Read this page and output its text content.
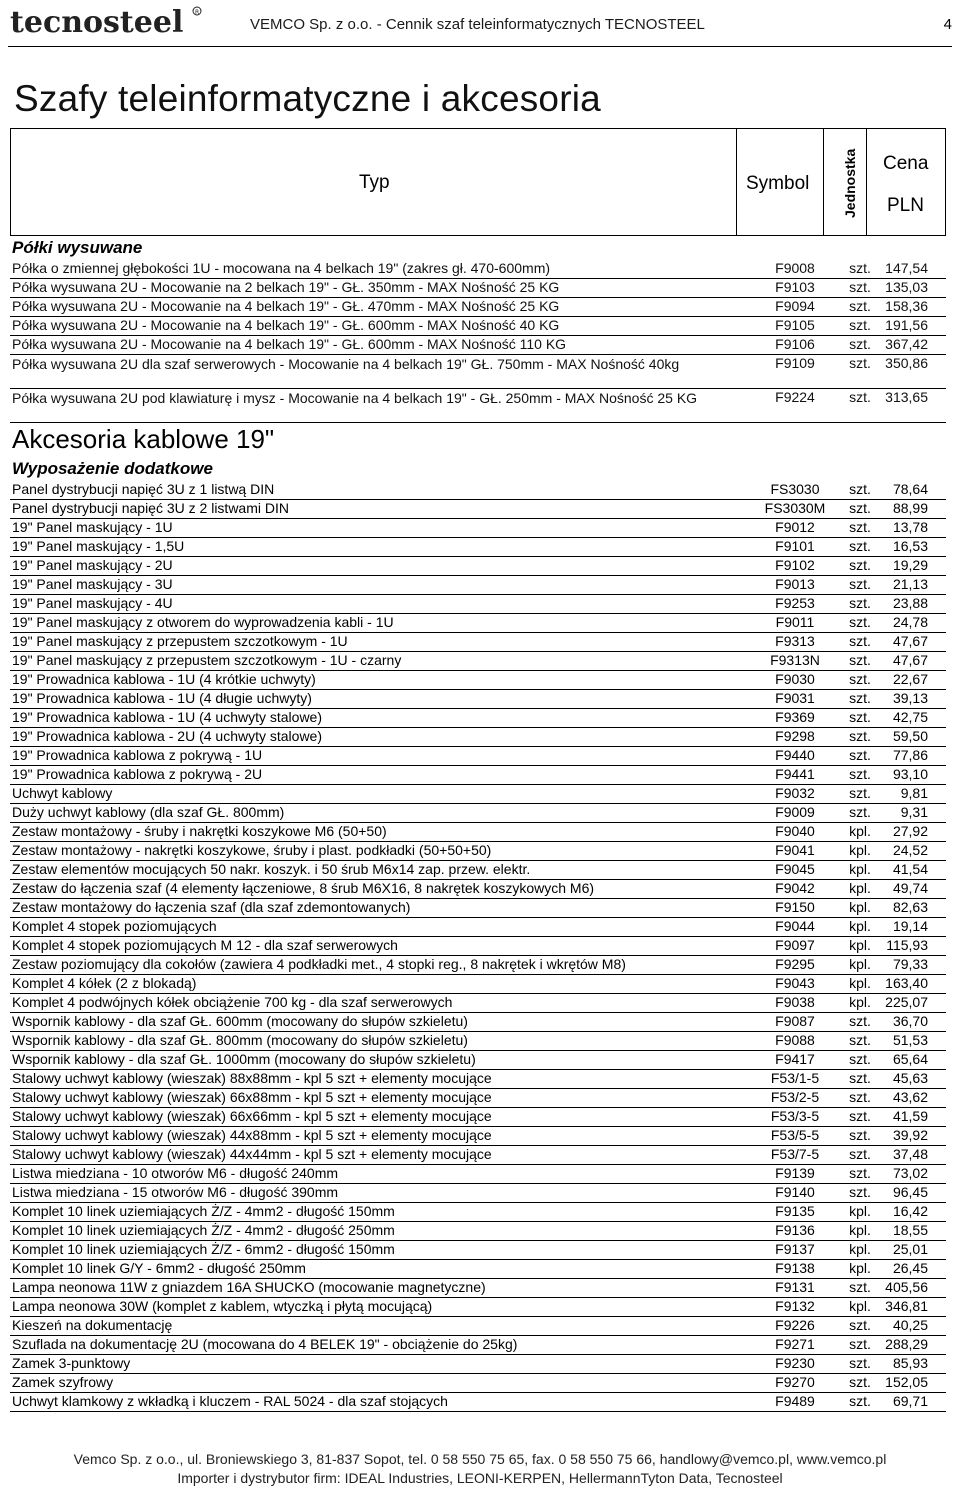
tecnosteel R
VEMCO Sp. z o.o. - Cennik szaf teleinformatycznych TECNOSTEEL	4
Szafy teleinformatyczne i akcesoria
Typ	Symbol
Cena
PLN
Jednostka
Półki wysuwane
Półka o zmiennej głębokości 1U - mocowana na 4 belkach 19" (zakres gł. 470-600mm)	F9008	szt.	147,54
Półka wysuwana 2U - Mocowanie na 2 belkach 19" - GŁ. 350mm - MAX Nośność 25 KG	F9103	szt.	135,03
Półka wysuwana 2U - Mocowanie na 4 belkach 19" - GŁ. 470mm - MAX Nośność 25 KG	F9094	szt.	158,36
Półka wysuwana 2U - Mocowanie na 4 belkach 19" - GŁ. 600mm - MAX Nośność 40 KG	F9105	szt.	191,56
Półka wysuwana 2U - Mocowanie na 4 belkach 19" - GŁ. 600mm - MAX Nośność 110 KG	F9106	szt.	367,42
Półka wysuwana 2U dla szaf serwerowych - Mocowanie na 4 belkach 19" GŁ. 750mm - MAX Nośność 40kg	F9109	szt.	350,86
Półka wysuwana 2U pod klawiaturę i mysz - Mocowanie na 4 belkach 19" - GŁ. 250mm - MAX Nośność 25 KG	F9224	szt.	313,65
Akcesoria kablowe 19"
Wyposażenie dodatkowe
Panel dystrybucji napięć 3U z 1 listwą DIN	FS3030	szt.	78,64
Panel dystrybucji napięć 3U z 2 listwami DIN	FS3030M	szt.	88,99
19" Panel maskujący - 1U	F9012	szt.	13,78
19" Panel maskujący - 1,5U	F9101	szt.	16,53
19" Panel maskujący - 2U	F9102	szt.	19,29
19" Panel maskujący - 3U	F9013	szt.	21,13
19" Panel maskujący - 4U	F9253	szt.	23,88
19" Panel maskujący z otworem do wyprowadzenia kabli - 1U	F9011	szt.	24,78
19" Panel maskujący z przepustem szczotkowym - 1U	F9313	szt.	47,67
19" Panel maskujący z przepustem szczotkowym - 1U - czarny	F9313N	szt.	47,67
19" Prowadnica kablowa - 1U (4 krótkie uchwyty)	F9030	szt.	22,67
19" Prowadnica kablowa - 1U (4 długie uchwyty)	F9031	szt.	39,13
19" Prowadnica kablowa - 1U (4 uchwyty stalowe)	F9369	szt.	42,75
19" Prowadnica kablowa - 2U (4 uchwyty stalowe)	F9298	szt.	59,50
19" Prowadnica kablowa z pokrywą - 1U	F9440	szt.	77,86
19" Prowadnica kablowa z pokrywą - 2U	F9441	szt.	93,10
Uchwyt kablowy	F9032	szt.	9,81
Duży uchwyt kablowy (dla szaf GŁ. 800mm)	F9009	szt.	9,31
Zestaw montażowy - śruby i nakrętki koszykowe M6 (50+50)	F9040	kpl.	27,92
Zestaw montażowy - nakrętki koszykowe, śruby i plast. podkładki (50+50+50)	F9041	kpl.	24,52
Zestaw elementów mocujących 50 nakr. koszyk. i 50 śrub M6x14 zap. przew. elektr.	F9045	kpl.	41,54
Zestaw do łączenia szaf (4 elementy łączeniowe, 8 śrub M6X16, 8 nakrętek koszykowych M6)	F9042	kpl.	49,74
Zestaw montażowy do łączenia szaf (dla szaf zdemontowanych)	F9150	kpl.	82,63
Komplet 4 stopek poziomujących	F9044	kpl.	19,14
Komplet 4 stopek poziomujących M 12 - dla szaf serwerowych	F9097	kpl.	115,93
Zestaw poziomujący dla cokołów (zawiera 4 podkładki met., 4 stopki reg., 8 nakrętek i wkrętów M8)	F9295	kpl.	79,33
Komplet 4 kółek (2 z blokadą)	F9043	kpl.	163,40
Komplet 4 podwójnych kółek obciążenie 700 kg - dla szaf serwerowych	F9038	kpl.	225,07
Wspornik kablowy - dla szaf GŁ. 600mm (mocowany do słupów szkieletu)	F9087	szt.	36,70
Wspornik kablowy - dla szaf GŁ. 800mm (mocowany do słupów szkieletu)	F9088	szt.	51,53
Wspornik kablowy - dla szaf GŁ. 1000mm (mocowany do słupów szkieletu)	F9417	szt.	65,64
Stalowy uchwyt kablowy (wieszak) 88x88mm - kpl 5 szt + elementy mocujące	F53/1-5	szt.	45,63
Stalowy uchwyt kablowy (wieszak) 66x88mm - kpl 5 szt + elementy mocujące	F53/2-5	szt.	43,62
Stalowy uchwyt kablowy (wieszak) 66x66mm - kpl 5 szt + elementy mocujące	F53/3-5	szt.	41,59
Stalowy uchwyt kablowy (wieszak) 44x88mm - kpl 5 szt + elementy mocujące	F53/5-5	szt.	39,92
Stalowy uchwyt kablowy (wieszak) 44x44mm - kpl 5 szt + elementy mocujące	F53/7-5	szt.	37,48
Listwa miedziana - 10 otworów M6 - długość 240mm	F9139	szt.	73,02
Listwa miedziana - 15 otworów M6 - długość 390mm	F9140	szt.	96,45
Komplet 10 linek uziemiających Ż/Z - 4mm2 - długość 150mm	F9135	kpl.	16,42
Komplet 10 linek uziemiających Ż/Z - 4mm2 - długość 250mm	F9136	kpl.	18,55
Komplet 10 linek uziemiających Ż/Z - 6mm2 - długość 150mm	F9137	kpl.	25,01
Komplet 10 linek G/Y - 6mm2 - długość 250mm	F9138	kpl.	26,45
Lampa neonowa 11W z gniazdem 16A SHUCKO (mocowanie magnetyczne)	F9131	szt.	405,56
Lampa neonowa 30W (komplet z kablem, wtyczką i płytą mocującą)	F9132	kpl.	346,81
Kieszeń na dokumentację	F9226	szt.	40,25
Szuflada na dokumentację 2U (mocowana do 4 BELEK 19" - obciążenie do 25kg)	F9271	szt.	288,29
Zamek 3-punktowy	F9230	szt.	85,93
Zamek szyfrowy	F9270	szt.	152,05
Uchwyt klamkowy z wkładką i kluczem - RAL 5024 - dla szaf stojących	F9489	szt.	69,71
Vemco Sp. z o.o., ul. Broniewskiego 3, 81-837 Sopot, tel. 0 58 550 75 65, fax. 0 58 550 75 66, handlowy@vemco.pl, www.vemco.pl
Importer i dystrybutor firm: IDEAL Industries, LEONI-KERPEN, HellermannTyton Data, Tecnosteel
